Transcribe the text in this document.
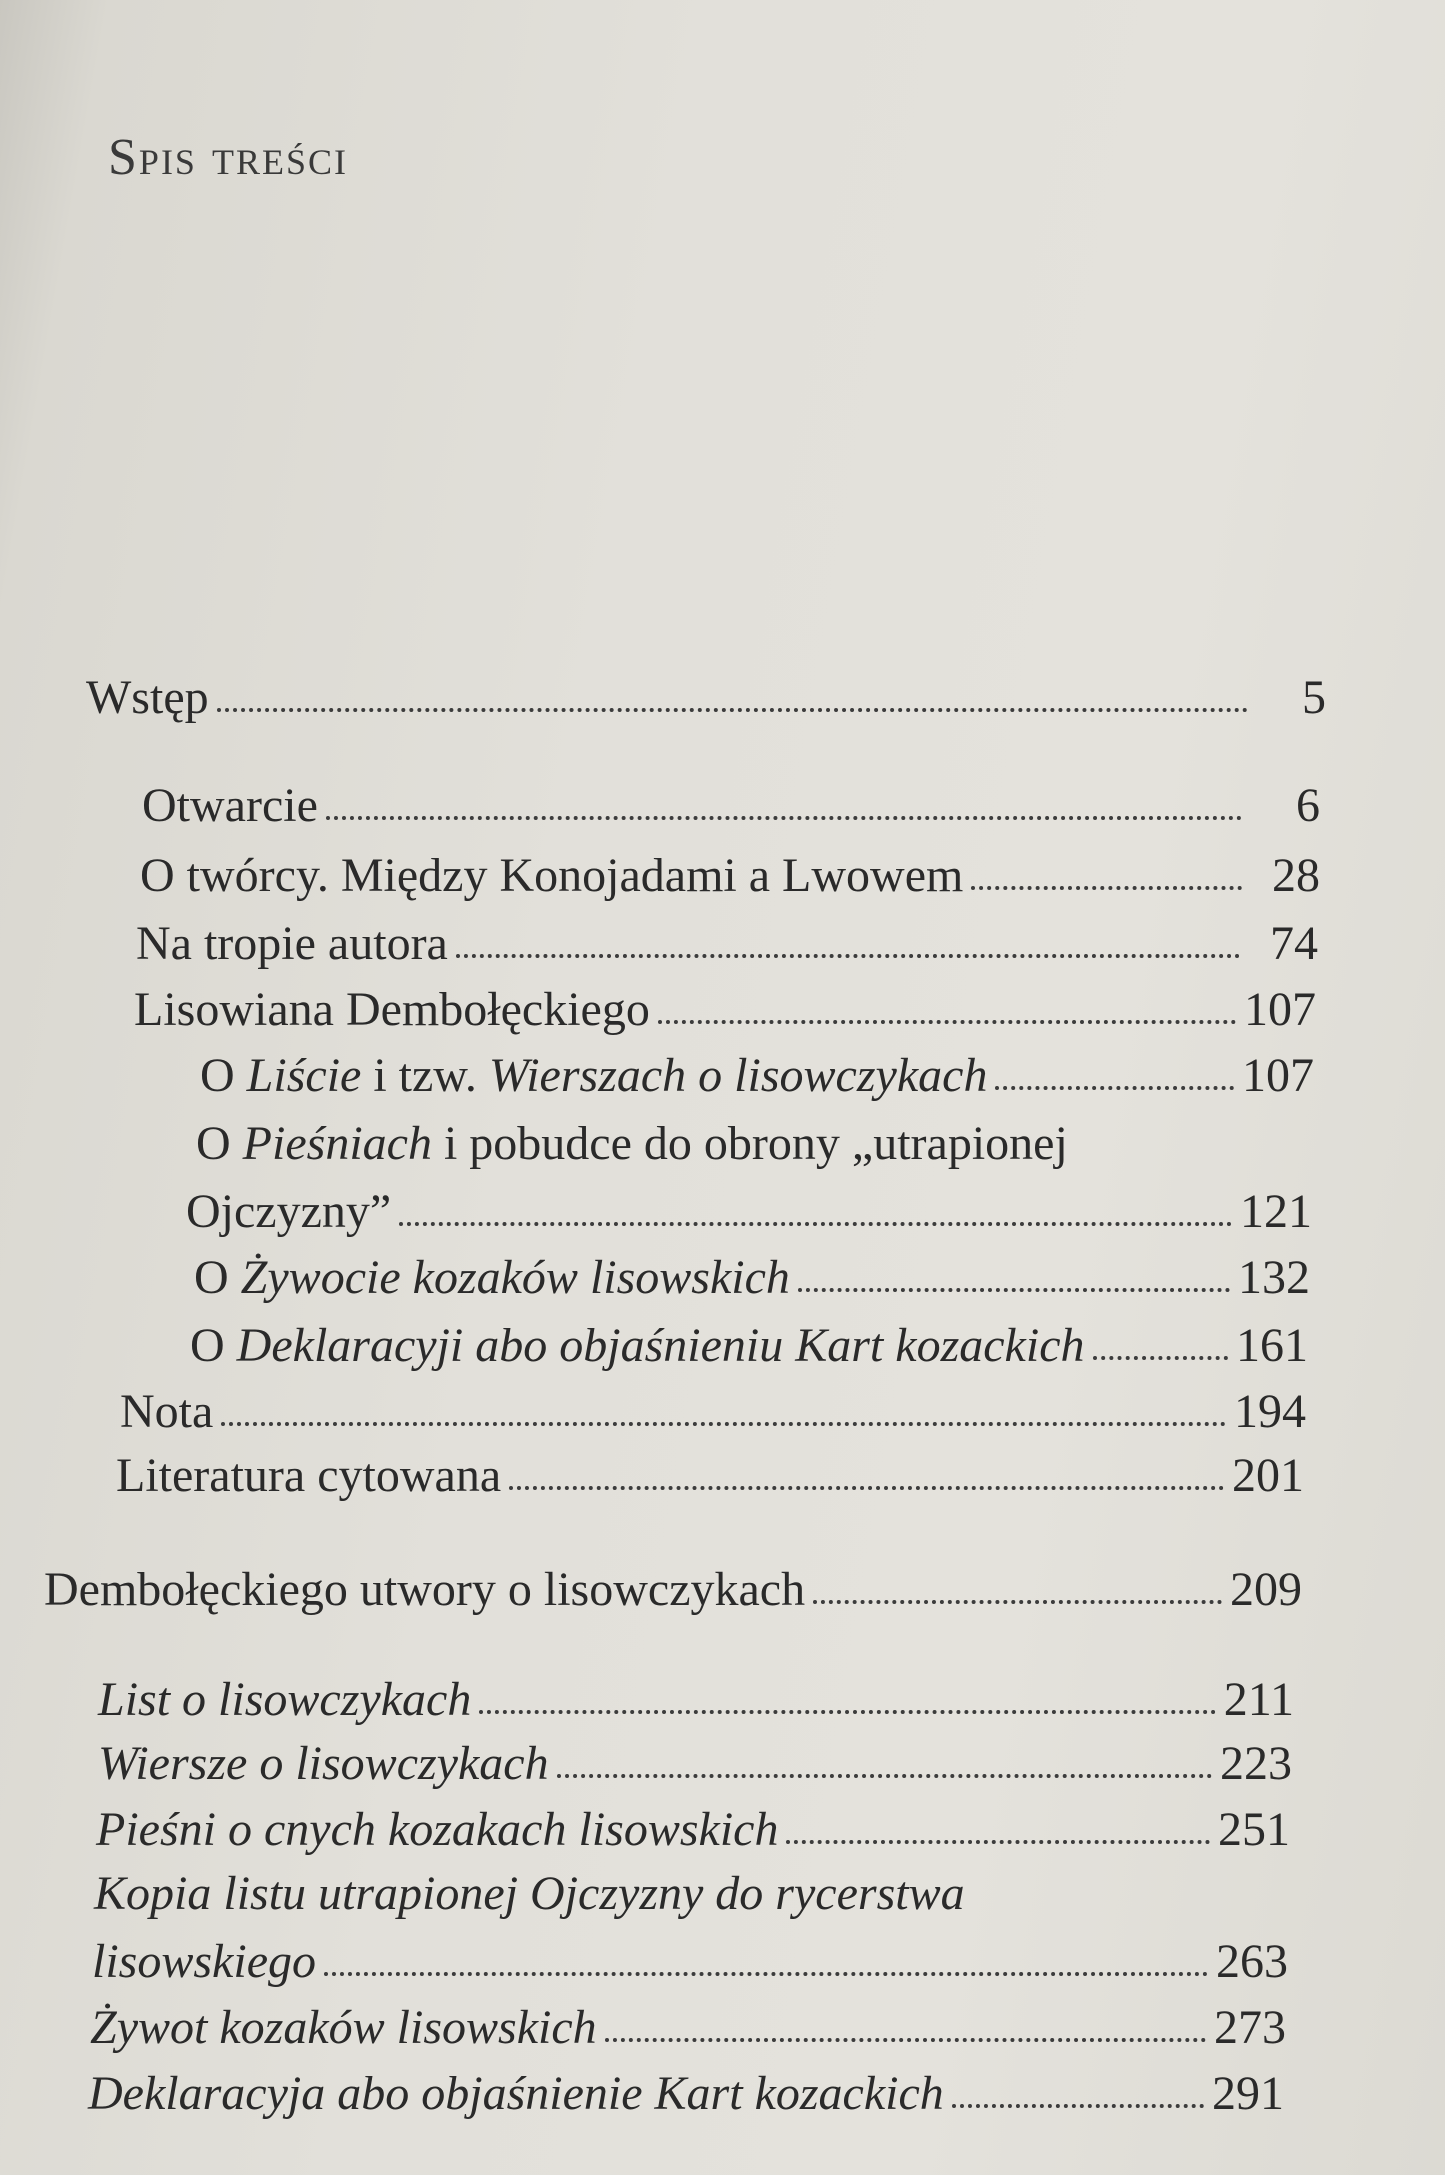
Spis treści
Wstęp	5
Otwarcie	6
O twórcy. Między Konojadami a Lwowem	28
Na tropie autora	74
Lisowiana Dembołęckiego	107
O Liście i tzw. Wierszach o lisowczykach	107
O Pieśniach i pobudce do obrony „utrapionej
Ojczyzny”	121
O Żywocie kozaków lisowskich	132
O Deklaracyji abo objaśnieniu Kart kozackich	161
Nota	194
Literatura cytowana	201
Dembołęckiego utwory o lisowczykach	209
List o lisowczykach	211
Wiersze o lisowczykach	223
Pieśni o cnych kozakach lisowskich	251
Kopia listu utrapionej Ojczyzny do rycerstwa
lisowskiego	263
Żywot kozaków lisowskich	273
Deklaracyja abo objaśnienie Kart kozackich	291
